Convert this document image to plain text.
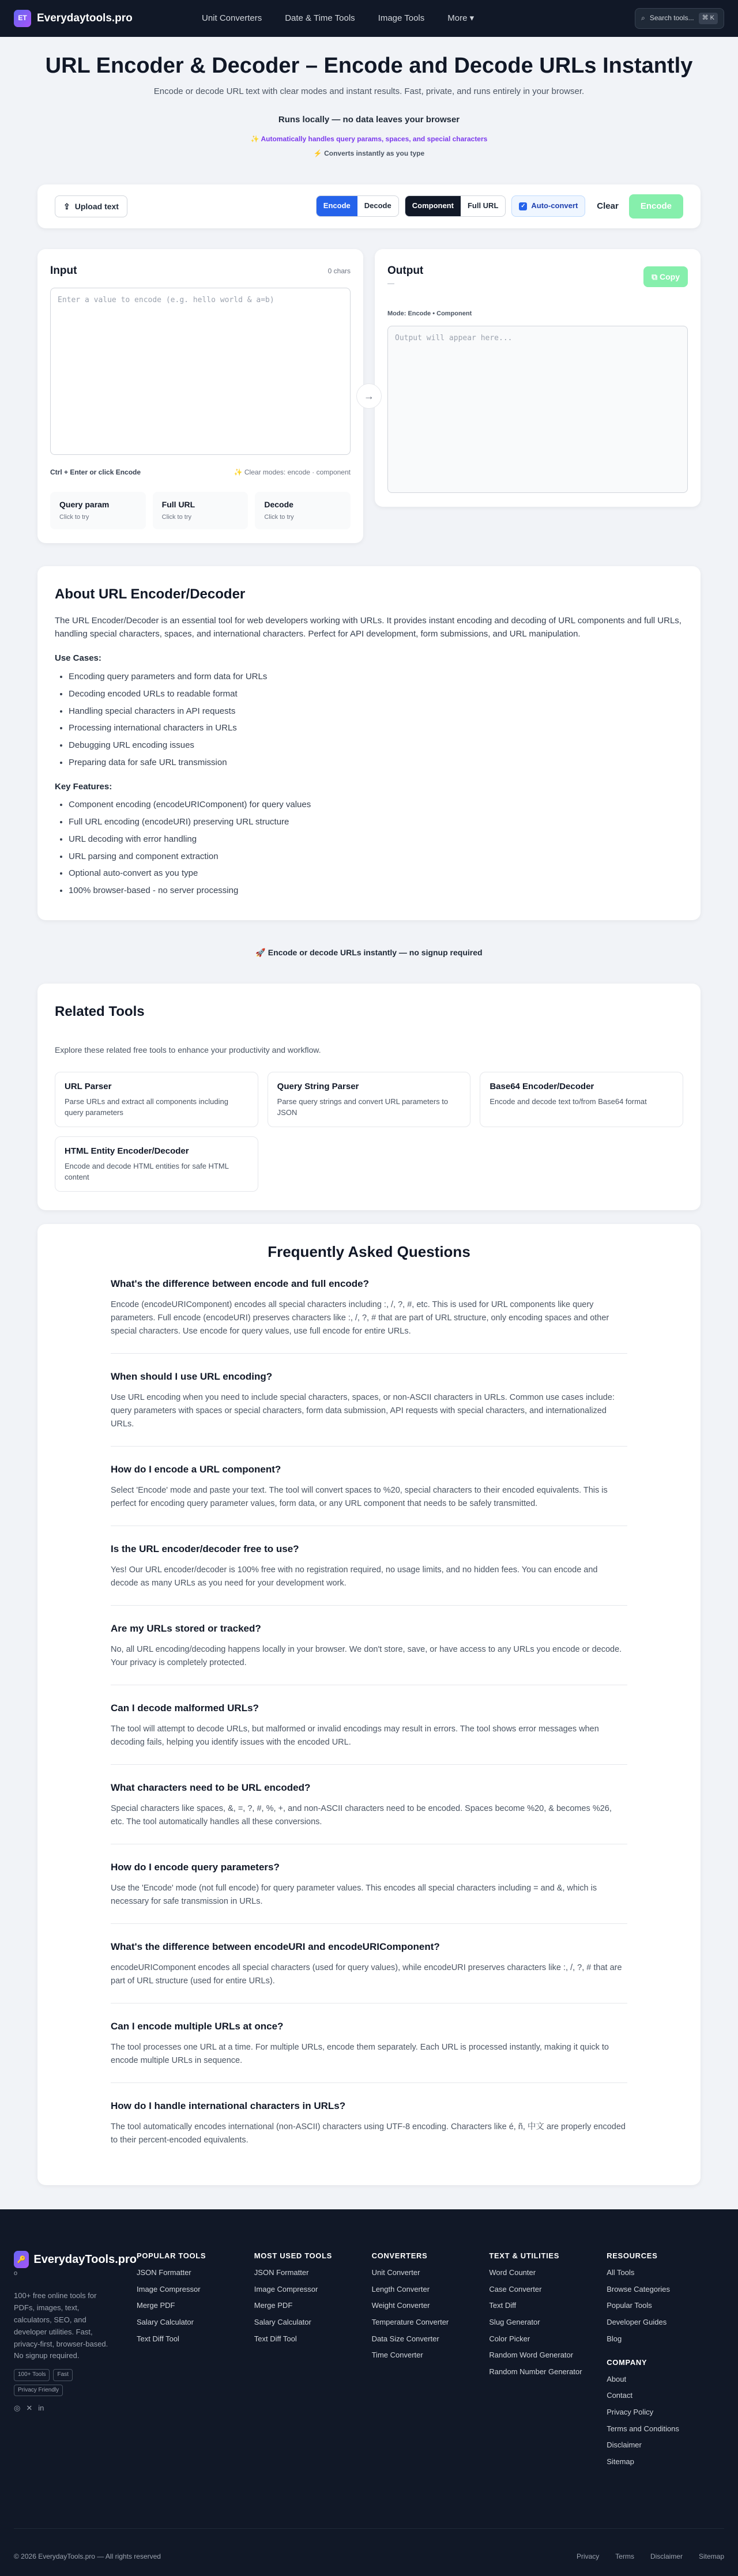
ET Everydaytools.pro	Unit Converters	Date & Time Tools	Image Tools	More ▾	⌕ Search tools...	⌘ K
URL Encoder & Decoder – Encode and Decode URLs Instantly
Encode or decode URL text with clear modes and instant results. Fast, private, and runs entirely in your browser.
Runs locally — no data leaves your browser
✨ Automatically handles query params, spaces, and special characters
⚡ Converts instantly as you type
⇪ Upload text	Encode	Decode	Component	Full URL	✓ Auto-convert Clear	Encode
Input	0 chars
Enter a value to encode (e.g. hello world & a=b)
Ctrl + Enter or click Encode	✨ Clear modes: encode · component
Query param
Click to try
Full URL
Click to try
Decode
Click to try
→
Output
—
⧉ Copy
Mode: Encode • Component
Output will appear here...
About URL Encoder/Decoder

The URL Encoder/Decoder is an essential tool for web developers working with URLs. It provides instant encoding and decoding of URL components and full URLs, handling special characters, spaces, and international characters. Perfect for API development, form submissions, and URL manipulation.

Use Cases:
• Encoding query parameters and form data for URLs
• Decoding encoded URLs to readable format
• Handling special characters in API requests
• Processing international characters in URLs
• Debugging URL encoding issues
• Preparing data for safe URL transmission
Key Features:
• Component encoding (encodeURIComponent) for query values
• Full URL encoding (encodeURI) preserving URL structure
• URL decoding with error handling
• URL parsing and component extraction
• Optional auto-convert as you type
• 100% browser-based - no server processing
🚀 Encode or decode URLs instantly — no signup required
Related Tools

Explore these related free tools to enhance your productivity and workflow.

URL Parser
Parse URLs and extract all components including query parameters
Query String Parser
Parse query strings and convert URL parameters to JSON
Base64 Encoder/Decoder
Encode and decode text to/from Base64 format
HTML Entity Encoder/Decoder
Encode and decode HTML entities for safe HTML content
Frequently Asked Questions
What's the difference between encode and full encode?

Encode (encodeURIComponent) encodes all special characters including :, /, ?, #, etc. This is used for URL components like query parameters. Full encode (encodeURI) preserves characters like :, /, ?, # that are part of URL structure, only encoding spaces and other special characters. Use encode for query values, use full encode for entire URLs.

When should I use URL encoding?

Use URL encoding when you need to include special characters, spaces, or non-ASCII characters in URLs. Common use cases include: query parameters with spaces or special characters, form data submission, API requests with special characters, and internationalized URLs.

How do I encode a URL component?

Select 'Encode' mode and paste your text. The tool will convert spaces to %20, special characters to their encoded equivalents. This is perfect for encoding query parameter values, form data, or any URL component that needs to be safely transmitted.

Is the URL encoder/decoder free to use?

Yes! Our URL encoder/decoder is 100% free with no registration required, no usage limits, and no hidden fees. You can encode and decode as many URLs as you need for your development work.

Are my URLs stored or tracked?

No, all URL encoding/decoding happens locally in your browser. We don't store, save, or have access to any URLs you encode or decode. Your privacy is completely protected.

Can I decode malformed URLs?

The tool will attempt to decode URLs, but malformed or invalid encodings may result in errors. The tool shows error messages when decoding fails, helping you identify issues with the encoded URL.

What characters need to be URL encoded?

Special characters like spaces, &, =, ?, #, %, +, and non-ASCII characters need to be encoded. Spaces become %20, & becomes %26, etc. The tool automatically handles all these conversions.

How do I encode query parameters?

Use the 'Encode' mode (not full encode) for query parameter values. This encodes all special characters including = and &, which is necessary for safe transmission in URLs.

What's the difference between encodeURI and encodeURIComponent?

encodeURIComponent encodes all special characters (used for query values), while encodeURI preserves characters like :, /, ?, # that are part of URL structure (used for entire URLs).

Can I encode multiple URLs at once?

The tool processes one URL at a time. For multiple URLs, encode them separately. Each URL is processed instantly, making it quick to encode multiple URLs in sequence.

How do I handle international characters in URLs?

The tool automatically encodes international (non-ASCII) characters using UTF-8 encoding. Characters like é, ñ, 中文 are properly encoded to their percent-encoded equivalents.

🔑 EverydayTools.pro
o
100+ free online tools for PDFs, images, text, calculators, SEO, and developer utilities. Fast, privacy-first, browser-based. No signup required.
100+ Tools	Fast
Privacy Friendly
◎ ✕ in
POPULAR TOOLS
JSON Formatter
Image Compressor
Merge PDF
Salary Calculator
Text Diff Tool
MOST USED TOOLS
JSON Formatter
Image Compressor
Merge PDF
Salary Calculator
Text Diff Tool
CONVERTERS
Unit Converter
Length Converter
Weight Converter
Temperature Converter
Data Size Converter
Time Converter
TEXT & UTILITIES
Word Counter
Case Converter
Text Diff
Slug Generator
Color Picker
Random Word Generator
Random Number Generator
RESOURCES
All Tools
Browse Categories
Popular Tools
Developer Guides
Blog
COMPANY
About
Contact
Privacy Policy
Terms and Conditions
Disclaimer
Sitemap
© 2026 EverydayTools.pro — All rights reserved	Privacy Terms Disclaimer Sitemap
